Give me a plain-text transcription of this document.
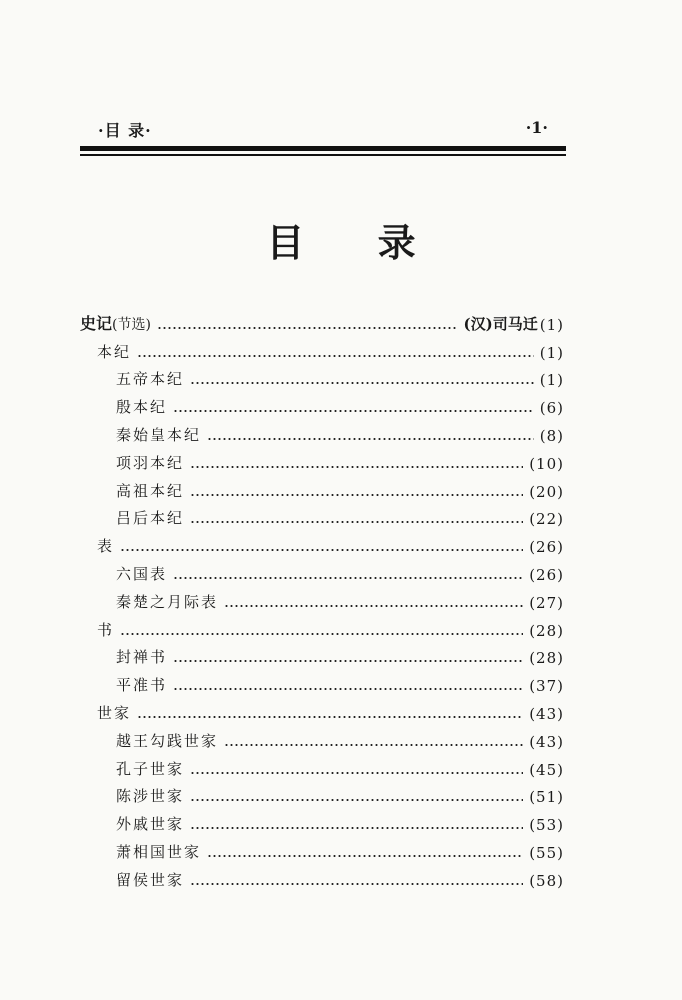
·目 录·	·1·
目 录
史记(节选)	(汉)司马迁 (1)
本纪	(1)
五帝本纪	(1)
殷本纪	(6)
秦始皇本纪	(8)
项羽本纪	(10)
高祖本纪	(20)
吕后本纪	(22)
表	(26)
六国表	(26)
秦楚之月际表	(27)
书	(28)
封禅书	(28)
平准书	(37)
世家	(43)
越王勾践世家	(43)
孔子世家	(45)
陈涉世家	(51)
外戚世家	(53)
萧相国世家	(55)
留侯世家	(58)
